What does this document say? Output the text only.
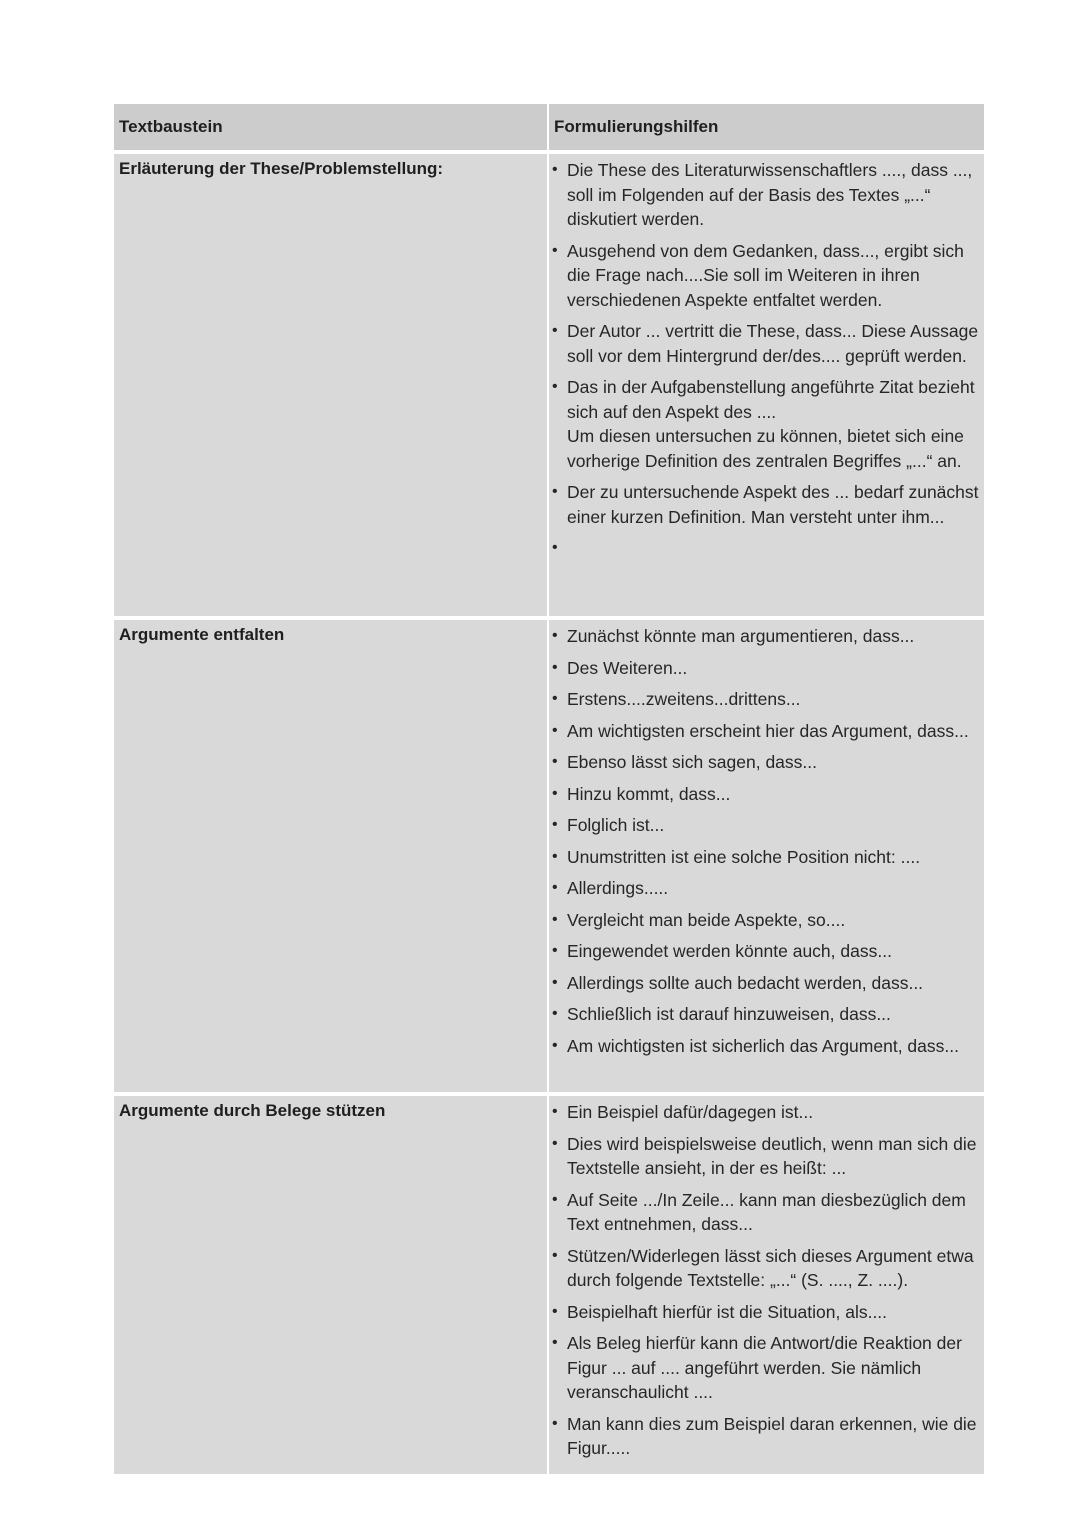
Textbaustein	Formulierungshilfen
Erläuterung der These/Problemstellung:	• Die These des Literaturwissenschaftlers ...., dass ..., soll im Folgenden auf der Basis des Textes „...“ diskutiert werden.
• Ausgehend von dem Gedanken, dass..., ergibt sich die Frage nach....Sie soll im Weiteren in ihren verschiedenen Aspekte entfaltet werden.
• Der Autor ... vertritt die These, dass... Diese Aussage soll vor dem Hintergrund der/des.... geprüft werden.
• Das in der Aufgabenstellung angeführte Zitat bezieht sich auf den Aspekt des ....
Um diesen untersuchen zu können, bietet sich eine vorherige Definition des zentralen Begriffes „...“ an.
• Der zu untersuchende Aspekt des ... bedarf zunächst einer kurzen Definition. Man versteht unter ihm...
•
Argumente entfalten	• Zunächst könnte man argumentieren, dass...
• Des Weiteren...
• Erstens....zweitens...drittens...
• Am wichtigsten erscheint hier das Argument, dass...
• Ebenso lässt sich sagen, dass...
• Hinzu kommt, dass...
• Folglich ist...
• Unumstritten ist eine solche Position nicht: ....
• Allerdings.....
• Vergleicht man beide Aspekte, so....
• Eingewendet werden könnte auch, dass...
• Allerdings sollte auch bedacht werden, dass...
• Schließlich ist darauf hinzuweisen, dass...
• Am wichtigsten ist sicherlich das Argument, dass...
Argumente durch Belege stützen	• Ein Beispiel dafür/dagegen ist...
• Dies wird beispielsweise deutlich, wenn man sich die Textstelle ansieht, in der es heißt: ...
• Auf Seite .../In Zeile... kann man diesbezüglich dem Text entnehmen, dass...
• Stützen/Widerlegen lässt sich dieses Argument etwa durch folgende Textstelle: „...“ (S. ...., Z. ....).
• Beispielhaft hierfür ist die Situation, als....
• Als Beleg hierfür kann die Antwort/die Reaktion der Figur ... auf .... angeführt werden. Sie nämlich veranschaulicht ....
• Man kann dies zum Beispiel daran erkennen, wie die Figur.....
